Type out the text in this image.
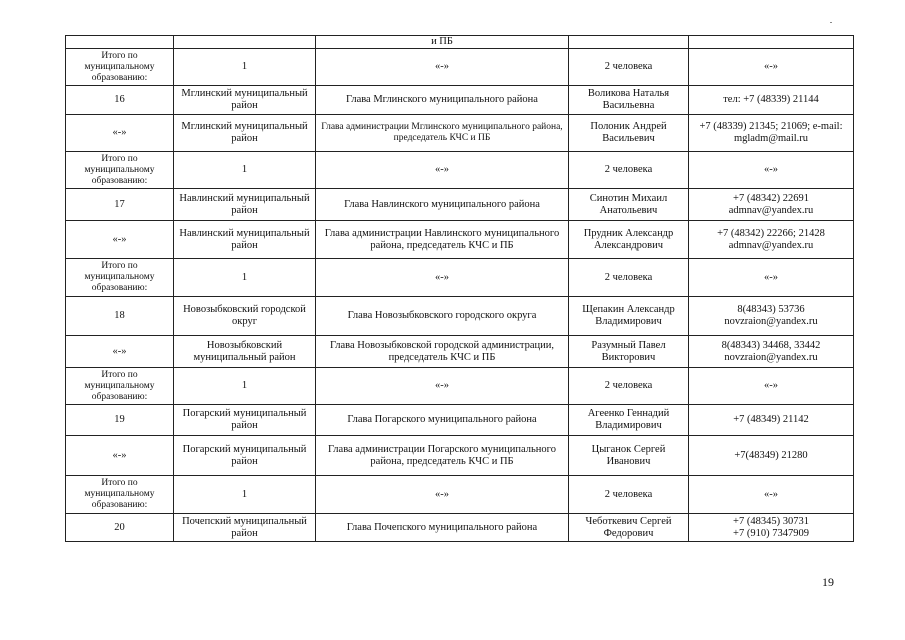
		и ПБ		
Итого по муниципальному образованию:	1	«-»	2 человека	«-»
16	Мглинский муниципальный район	Глава Мглинского муниципального района	Воликова Наталья Васильевна	тел: +7 (48339) 21144
«-»	Мглинский муниципальный район	Глава администрации Мглинского муниципального района, председатель КЧС и ПБ	Полоник Андрей Васильевич	+7 (48339) 21345; 21069; e-mail: mgladm@mail.ru
Итого по муниципальному образованию:	1	«-»	2 человека	«-»
17	Навлинский муниципальный район	Глава Навлинского муниципального района	Синотин Михаил Анатольевич	+7 (48342) 22691 admnav@yandex.ru
«-»	Навлинский муниципальный район	Глава администрации Навлинского муниципального района, председатель КЧС и ПБ	Прудник Александр Александрович	+7 (48342) 22266; 21428 admnav@yandex.ru
Итого по муниципальному образованию:	1	«-»	2 человека	«-»
18	Новозыбковский городской округ	Глава Новозыбковского городского округа	Щепакин Александр Владимирович	8(48343) 53736 novzraion@yandex.ru
«-»	Новозыбковский муниципальный район	Глава Новозыбковской городской администрации, председатель КЧС и ПБ	Разумный Павел Викторович	8(48343) 34468, 33442 novzraion@yandex.ru
Итого по муниципальному образованию:	1	«-»	2 человека	«-»
19	Погарский муниципальный район	Глава Погарского муниципального района	Агеенко Геннадий Владимирович	+7 (48349) 21142
«-»	Погарский муниципальный район	Глава администрации Погарского муниципального района, председатель КЧС и ПБ	Цыганок Сергей Иванович	+7(48349) 21280
Итого по муниципальному образованию:	1	«-»	2 человека	«-»
20	Почепский муниципальный район	Глава Почепского муниципального района	Чеботкевич Сергей Федорович	+7 (48345) 30731
+7 (910) 7347909
19
